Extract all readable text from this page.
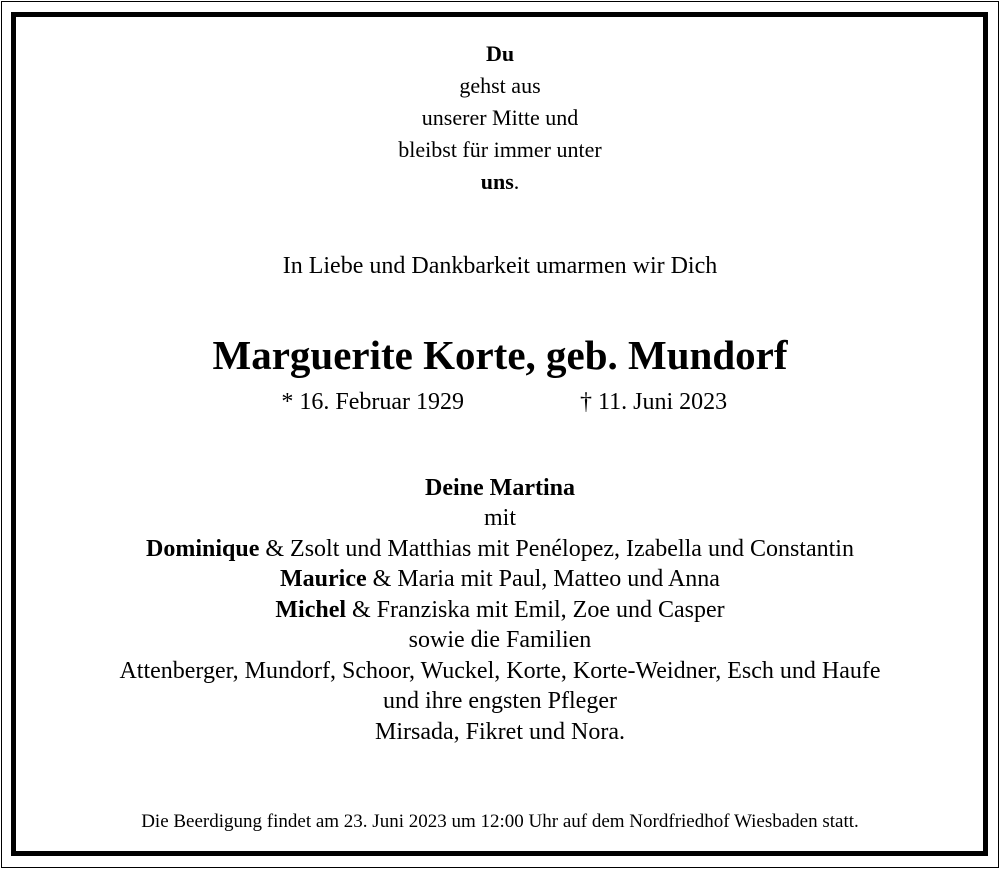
Du
gehst aus
unserer Mitte und
bleibst für immer unter
uns.
In Liebe und Dankbarkeit umarmen wir Dich
Marguerite Korte, geb. Mundorf
* 16. Februar 1929	† 11. Juni 2023
Deine Martina
mit
Dominique & Zsolt und Matthias mit Penélopez, Izabella und Constantin
Maurice & Maria mit Paul, Matteo und Anna
Michel & Franziska mit Emil, Zoe und Casper
sowie die Familien
Attenberger, Mundorf, Schoor, Wuckel, Korte, Korte-Weidner, Esch und Haufe
und ihre engsten Pfleger
Mirsada, Fikret und Nora.
Die Beerdigung findet am 23. Juni 2023 um 12:00 Uhr auf dem Nordfriedhof Wiesbaden statt.
